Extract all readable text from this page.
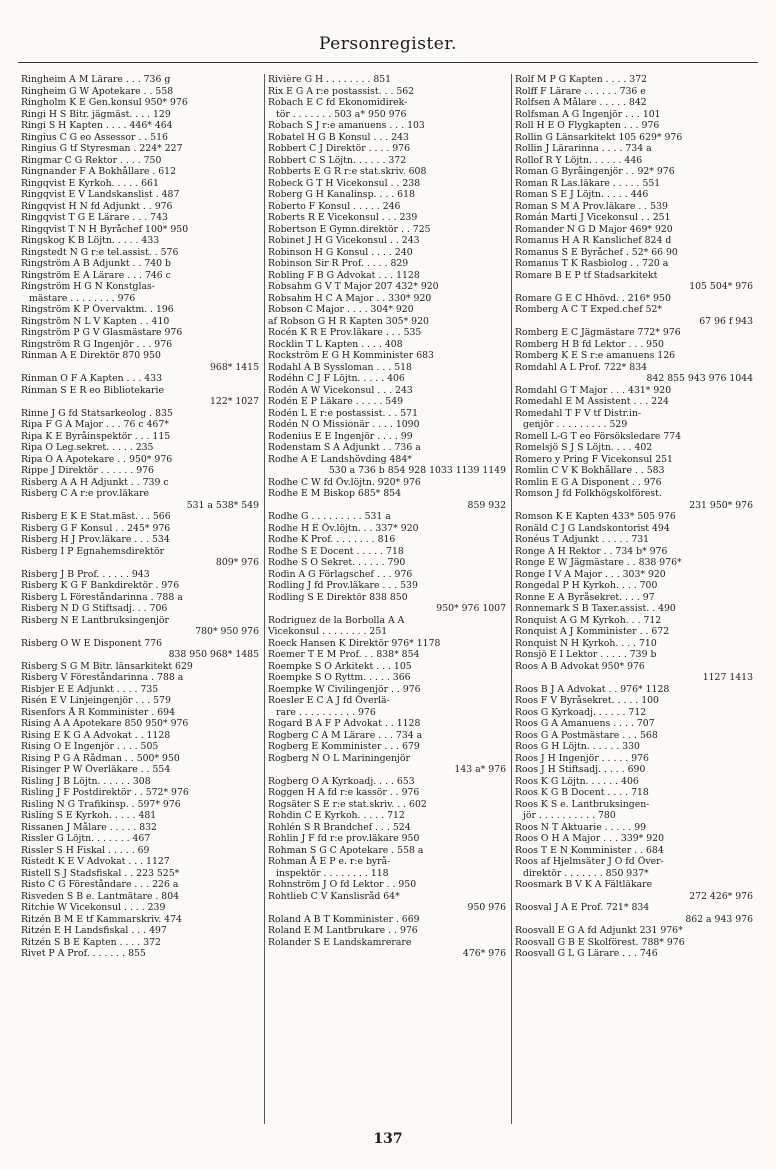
Personregister.
Ringheim A M Lärare . . . 736 g
Ringheim G W Apotekare . . 558
Ringholm K E Gen.konsul 950* 976
Ringi H S Bitr. jägmäst. . . . 129
Ringi S H Kapten . . . . 446* 464
Ringius C G eo Assessor . . 516
Ringius G tf Styresman . 224* 227
Ringmar C G Rektor . . . . 750
Ringnander F A Bokhållare . 612
Ringqvist E Kyrkoh. . . . . 661
Ringqvist E V Landskanslist . 487
Ringqvist H N fd Adjunkt . . 976
Ringqvist T G E Lärare . . . 743
Ringqvist T N H Byråchef 100* 950
Ringskog K B Löjtn. . . . . 433
Ringstedt N G r:e tel.assist. . 576
Ringström A B Adjunkt . . 740 b
Ringström E A Lärare . . . 746 c
Ringström H G N Konstglas-
mästare . . . . . . . . 976
Ringström K P Övervaktm. . 196
Ringström N L V Kapten . . 410
Ringström P G V Glasmästare 976
Ringström R G Ingenjör . . . 976
Rinman A E Direktör 870 950
968* 1415
Rinman O F A Kapten . . . 433
Rinman S E R eo Bibliotekarie
122* 1027
Rinne J G fd Statsarkeolog . 835
Ripa F G A Major . . . 76 c 467*
Ripa K E Byråinspektör . . . 115
Ripa O Leg.sekret. . . . . 235
Ripa O A Apotekare . . 950* 976
Rippe J Direktör . . . . . . 976
Risberg A A H Adjunkt . . 739 c
Risberg C A r:e prov.läkare
531 a 538* 549
Risberg E K E Stat.mäst. . . 566
Risberg G F Konsul . . 245* 976
Risberg H J Prov.läkare . . . 534
Risberg I P Egnahemsdirektör
809* 976
Risberg J B Prof. . . . . . 943
Risberg K G F Bankdirektör . 976
Risberg L Föreståndarinna . 788 a
Risberg N D G Stiftsadj. . . 706
Risberg N E Lantbruksingenjör
780* 950 976
Risberg O W E Disponent 776
838 950 968* 1485
Risberg S G M Bitr. länsarkitekt 629
Risberg V Föreståndarinna . 788 a
Risbjer E E Adjunkt . . . . 735
Risén E V Linjeingenjör . . . 579
Risenfors Å R Komminister . 694
Rising A A Apotekare 850 950* 976
Rising E K G A Advokat . . 1128
Rising O E Ingenjör . . . . 505
Rising P G A Rådman . . 500* 950
Risinger P W Överläkare . . 554
Risling J B Löjtn. . . . . . 308
Risling J F Postdirektör . . 572* 976
Risling N G Trafikinsp. . 597* 976
Risling S E Kyrkoh. . . . . 481
Rissanen J Målare . . . . . 832
Rissler G Löjtn. . . . . . . 467
Rissler S H Fiskal . . . . . 69
Ristedt K E V Advokat . . . 1127
Ristell S J Stadsfiskal . . 223 525*
Risto C G Föreståndare . . . 226 a
Risveden S B e. Lantmätare . 804
Ritchie W Vicekonsul . . . . 239
Ritzén B M E tf Kammarskriv. 474
Ritzén E H Landsfiskal . . . 497
Ritzén S B E Kapten . . . . 372
Rivet P A Prof. . . . . . . 855
Rivière G H . . . . . . . . 851
Rix E G A r:e postassist. . . 562
Robach E C fd Ekonomidirek-
tör . . . . . . . 503 a* 950 976
Robach S J r:e amanuens . . . 103
Robatel H G B Konsul . . . 243
Robbert C J Direktör . . . . 976
Robbert C S Löjtn. . . . . . 372
Robberts E G R r:e stat.skriv. 608
Robeck G T H Vicekonsul . . 238
Roberg G H Kanalinsp. . . . 618
Roberto F Konsul . . . . . 246
Roberts R E Vicekonsul . . . 239
Robertson E Gymn.direktör . . 725
Robinet J H G Vicekonsul . . 243
Robinson H G Konsul . . . . 240
Robinson Sir R Prof. . . . . 829
Robling F B G Advokat . . . 1128
Robsahm G V T Major 207 432* 920
Robsahm H C A Major . . 330* 920
Robson C Major . . . . 304* 920
af Robson G H R Kapten 305* 920
Rocén K R E Prov.läkare . . . 535
Rocklin T L Kapten . . . . 408
Rockström E G H Komminister 683
Rodahl A B Syssloman . . . 518
Rodéhn C J F Löjtn. . . . . 406
Rodén A W Vicekonsul . . . 243
Rodén E P Läkare . . . . . 549
Rodén L E r:e postassist. . . 571
Rodén N O Missionär . . . . 1090
Rodenius E E Ingenjör . . . . 99
Rodenstam S A Adjunkt . . 736 a
Rodhe A E Landshövding 484*
530 a 736 b 854 928 1033 1139 1149
Rodhe C W fd Öv.löjtn. 920* 976
Rodhe E M Biskop 685* 854
859 932
Rodhe G . . . . . . . . . 531 a
Rodhe H E Öv.löjtn. . . 337* 920
Rodhe K Prof. . . . . . . . 816
Rodhe S E Docent . . . . . 718
Rodhe S O Sekret. . . . . . 790
Rodin A G Förlagschef . . . 976
Rodling J fd Prov.läkare . . . 539
Rodling S E Direktör 838 850
950* 976 1007
Rodriguez de la Borbolla A A
Vicekonsul . . . . . . . . 251
Roeck Hansen K Direktör 976* 1178
Roemer T E M Prof. . . 838* 854
Roempke S O Arkitekt . . . 105
Roempke S O Ryttm. . . . . 366
Roempke W Civilingenjör . . 976
Roesler E C A J fd Överlä-
rare . . . . . . . . . . 976
Rogard B A F P Advokat . . 1128
Rogberg C A M Lärare . . . 734 a
Rogberg E Komminister . . . 679
Rogberg N O L Mariningenjör
143 a* 976
Rogberg O A Kyrkoadj. . . . 653
Roggen H A fd r:e kassör . . 976
Rogsäter S E r:e stat.skriv. . . 602
Rohdin C E Kyrkoh. . . . . 712
Rohlén S R Brandchef . . . 524
Rohlin J F fd r:e prov.läkare 950
Rohman S G C Apotekare . 558 a
Rohman Å E P e. r:e byrå-
inspektör . . . . . . . . 118
Rohnström J O fd Lektor . . 950
Rohtlieb C V Kanslisråd 64*
950 976
Roland A B T Komminister . 669
Roland E M Lantbrukare . . 976
Rolander S E Landskamrerare
476* 976
Rolf M P G Kapten . . . . 372
Rolff F Lärare . . . . . . 736 e
Rolfsen A Målare . . . . . 842
Rolfsman A G Ingenjör . . . 101
Roll H E O Flygkapten . . . 976
Rollin G Länsarkitekt 105 629* 976
Rollin J Lärarinna . . . . 734 a
Rollof R Y Löjtn. . . . . . 446
Roman G Byråingenjör . . 92* 976
Roman R Las.läkare . . . . . 551
Roman S E J Löjtn. . . . . 446
Roman S M A Prov.läkare . . 539
Román Marti J Vicekonsul . . 251
Romander N G D Major 469* 920
Romanus H A R Kanslichef 824 d
Romanus S E Byråchef . 52* 66 90
Romanus T K Rasbiolog . . 720 a
Romare B E P tf Stadsarkitekt
105 504* 976
Romare G E C Hhövd. . 216* 950
Romberg A C T Exped.chef 52*
67 96 f 943
Romberg E C Jägmästare 772* 976
Romberg H B fd Lektor . . . 950
Romberg K E S r:e amanuens 126
Romdahl A L Prof. 722* 834
842 855 943 976 1044
Romdahl G T Major . . . 431* 920
Romedahl E M Assistent . . . 224
Romedahl T F V tf Distr.in-
genjör . . . . . . . . . 529
Romell L-G T eo Försöksledare 774
Romelsjö S J S Löjtn. . . . 402
Romero y Pring F Vicekonsul 251
Romlin C V K Bokhållare . . 583
Romlin E G A Disponent . . 976
Romson J fd Folkhögskolförest.
231 950* 976
Romson K E Kapten 433* 505 976
Ronäld C J G Landskontorist 494
Ronéus T Adjunkt . . . . . 731
Ronge A H Rektor . . 734 b* 976
Ronge E W Jägmästare . . 838 976*
Ronge I V A Major . . . 303* 920
Rongedal P H Kyrkoh. . . . 700
Ronne E A Byråsekret. . . . 97
Ronnemark S B Taxer.assist. . 490
Ronquist A G M Kyrkoh. . . 712
Ronquist A J Komminister . . 672
Ronquist N H Kyrkoh. . . . 710
Ronsjö E I Lektor . . . . . 739 b
Roos A B Advokat 950* 976
1127 1413
Roos B J A Advokat . . 976* 1128
Roos F V Byråsekret. . . . . 100
Roos G Kyrkoadj. . . . . . 712
Roos G A Amanuens . . . . 707
Roos G A Postmästare . . . 568
Roos G H Löjtn. . . . . . 330
Roos J H Ingenjör . . . . . 976
Roos J H Stiftsadj. . . . . 690
Roos K G Löjtn. . . . . . 406
Roos K G B Docent . . . . 718
Roos K S e. Lantbruksingen-
jör . . . . . . . . . . 780
Roos N T Aktuarie . . . . . 99
Roos O H A Major . . . 339* 920
Roos T E N Komminister . . 684
Roos af Hjelmsäter J O fd Över-
direktör . . . . . . . 850 937*
Roosmark B V K A Fältläkare
272 426* 976
Roosval J A E Prof. 721* 834
862 a 943 976
Roosvall E G A fd Adjunkt 231 976*
Roosvall G B E Skolförest. 788* 976
Roosvall G L G Lärare . . . 746
137
